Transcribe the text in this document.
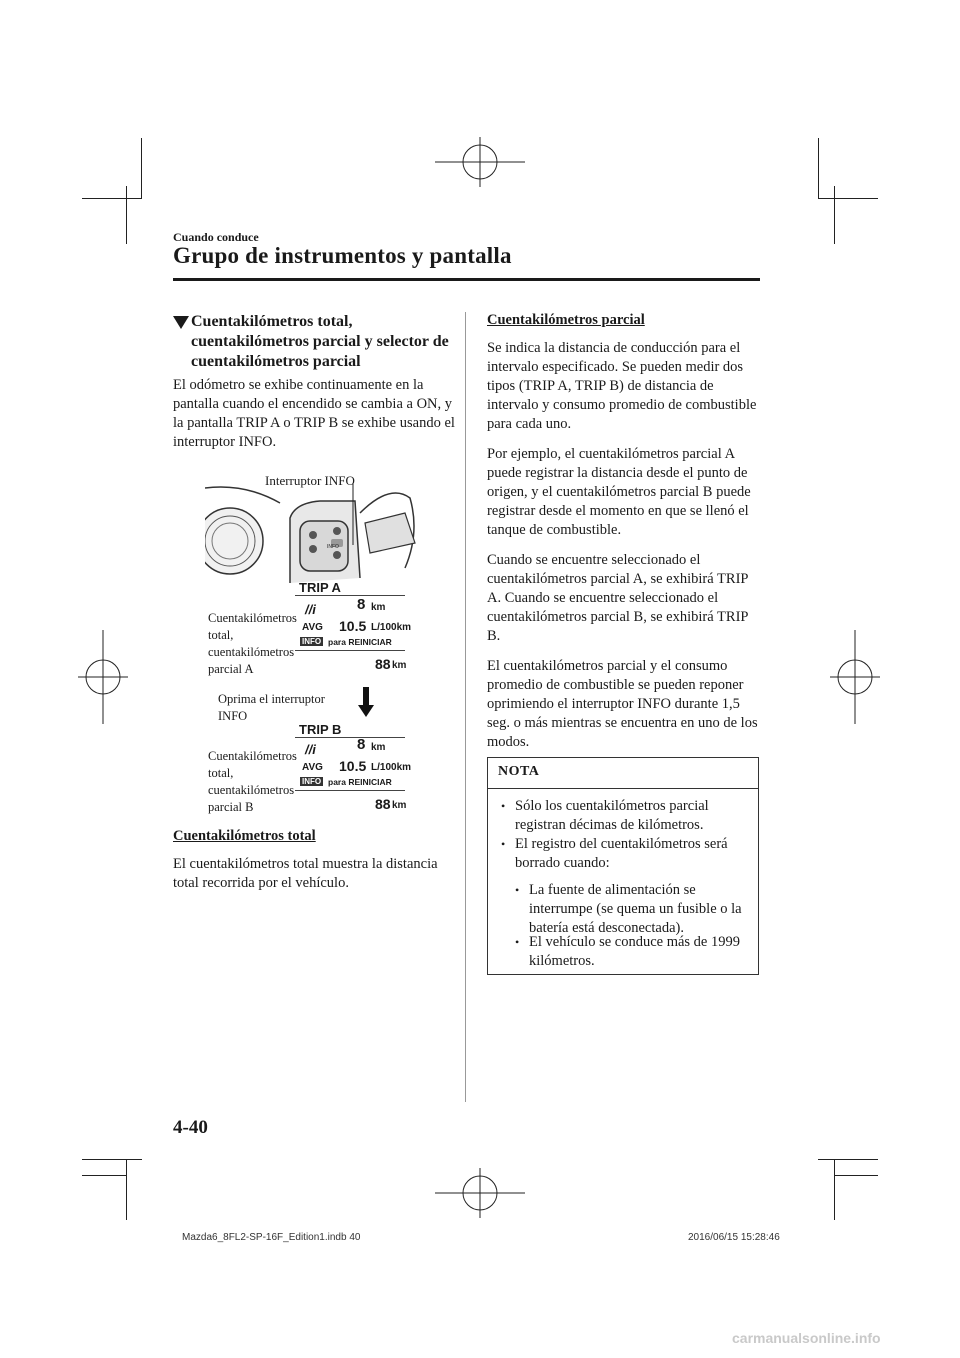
Cuando conduce
Grupo de instrumentos y pantalla
Cuentakilómetros total, cuentakilómetros parcial y selector de cuentakilómetros parcial

El odómetro se exhibe continuamente en la pantalla cuando el encendido se cambia a ON, y la pantalla TRIP A o TRIP B se exhibe usando el interruptor INFO.

Interruptor INFO
INFO
Cuentakilómetros total, cuentakilómetros parcial A
TRIP A
//i	8 km
AVG 10.5 L/100km
INFO para REINICIAR
88 km
Oprima el interruptor INFO
Cuentakilómetros total, cuentakilómetros parcial B
TRIP B
//i	8 km
AVG 10.5 L/100km
INFO para REINICIAR
88 km
Cuentakilómetros total

El cuentakilómetros total muestra la distancia total recorrida por el vehículo.

Cuentakilómetros parcial

Se indica la distancia de conducción para el intervalo especificado. Se pueden medir dos tipos (TRIP A, TRIP B) de distancia de intervalo y consumo promedio de combustible para cada uno.

Por ejemplo, el cuentakilómetros parcial A puede registrar la distancia desde el punto de origen, y el cuentakilómetros parcial B puede registrar desde el momento en que se llenó el tanque de combustible.

Cuando se encuentre seleccionado el cuentakilómetros parcial A, se exhibirá TRIP A. Cuando se encuentre seleccionado el cuentakilómetros parcial B, se exhibirá TRIP B.

El cuentakilómetros parcial y el consumo promedio de combustible se pueden reponer oprimiendo el interruptor INFO durante 1,5 seg. o más mientras se encuentra en uno de los modos.

NOTA
• Sólo los cuentakilómetros parcial registran décimas de kilómetros.
• El registro del cuentakilómetros será borrado cuando:
• La fuente de alimentación se interrumpe (se quema un fusible o la batería está desconectada).
• El vehículo se conduce más de 1999 kilómetros.
4-40
Mazda6_8FL2-SP-16F_Edition1.indb 40	2016/06/15 15:28:46
carmanualsonline.info
